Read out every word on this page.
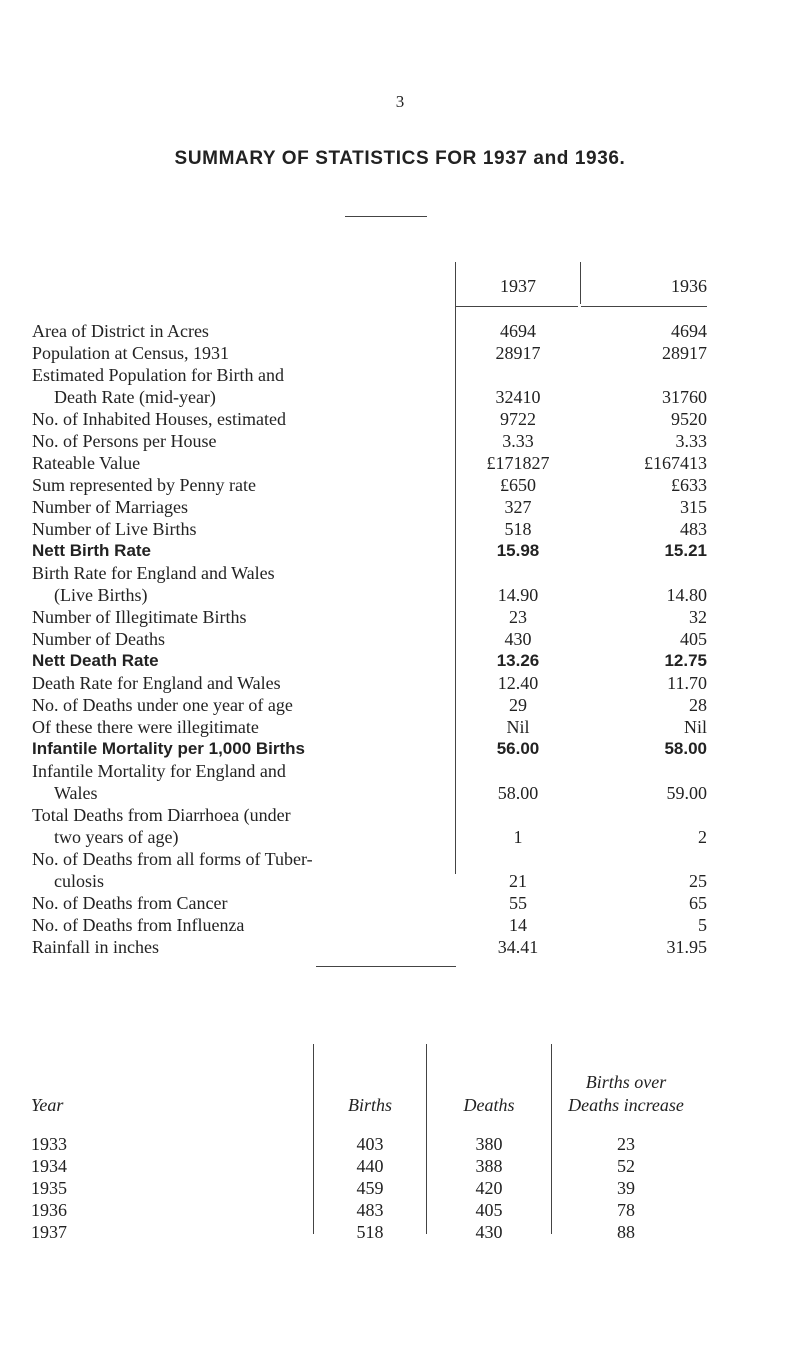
3
SUMMARY OF STATISTICS FOR 1937 and 1936.
1937	1936
Area of District in Acres	4694	4694
Population at Census, 1931	28917	28917
Estimated Population for Birth and
Death Rate (mid-year)	32410	31760
No. of Inhabited Houses, estimated	9722	9520
No. of Persons per House	3.33	3.33
Rateable Value	£171827	£167413
Sum represented by Penny rate	£650	£633
Number of Marriages	327	315
Number of Live Births	518	483
Nett Birth Rate	15.98	15.21
Birth Rate for England and Wales
(Live Births)	14.90	14.80
Number of Illegitimate Births	23	32
Number of Deaths	430	405
Nett Death Rate	13.26	12.75
Death Rate for England and Wales	12.40	11.70
No. of Deaths under one year of age	29	28
Of these there were illegitimate	Nil	Nil
Infantile Mortality per 1,000 Births	56.00	58.00
Infantile Mortality for England and
Wales	58.00	59.00
Total Deaths from Diarrhoea (under
two years of age)	1	2
No. of Deaths from all forms of Tuber-
culosis	21	25
No. of Deaths from Cancer	55	65
No. of Deaths from Influenza	14	5
Rainfall in inches	34.41	31.95
Year	Births	Deaths
Births over
Deaths increase
1933	403	380	23
1934	440	388	52
1935	459	420	39
1936	483	405	78
1937	518	430	88
